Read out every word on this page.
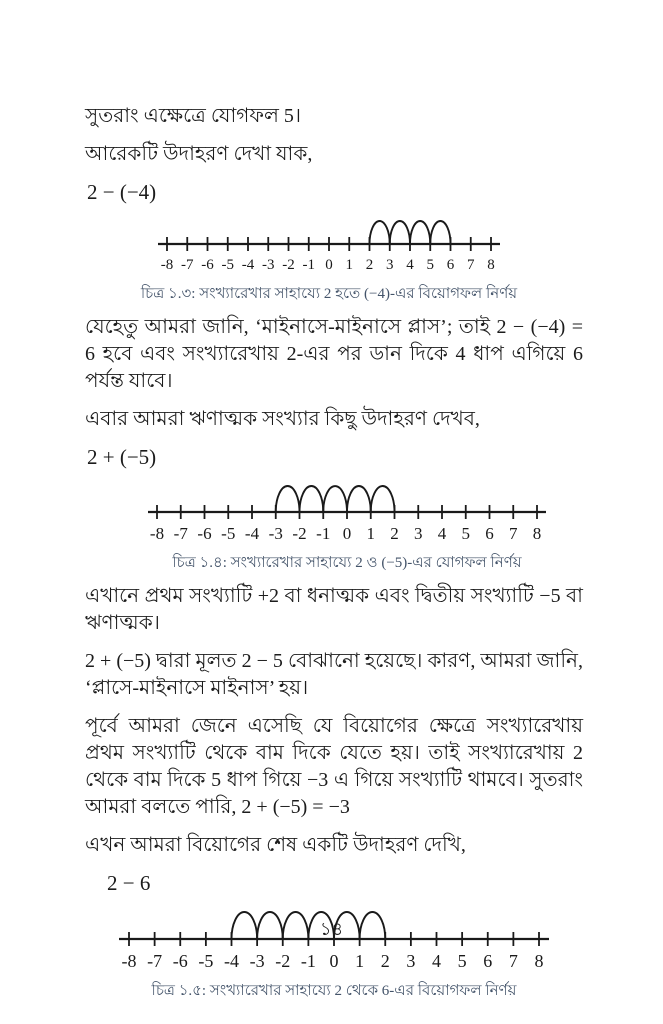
সুতরাং এক্ষেত্রে যোগফল 5।

আরেকটি উদাহরণ দেখা যাক,

2 − (−4)

-8 -7 -6 -5 -4 -3 -2 -1 0 1 2 3 4 5 6 7 8
চিত্র ১.৩: সংখ্যারেখার সাহায্যে 2 হতে (−4)-এর বিয়োগফল নির্ণয়

যেহেতু আমরা জানি, ‘মাইনাসে-মাইনাসে প্লাস’; তাই 2 − (−4) = 6 হবে এবং সংখ্যারেখায় 2-এর পর ডান দিকে 4 ধাপ এগিয়ে 6 পর্যন্ত যাবে।

এবার আমরা ঋণাত্মক সংখ্যার কিছু উদাহরণ দেখব,

2 + (−5)

-8 -7 -6 -5 -4 -3 -2 -1 0 1 2 3 4 5 6 7 8
চিত্র ১.৪: সংখ্যারেখার সাহায্যে 2 ও (−5)-এর যোগফল নির্ণয়

এখানে প্রথম সংখ্যাটি +2 বা ধনাত্মক এবং দ্বিতীয় সংখ্যাটি −5 বা ঋণাত্মক।

2 + (−5) দ্বারা মূলত 2 − 5 বোঝানো হয়েছে। কারণ, আমরা জানি, ‘প্লাসে-মাইনাসে মাইনাস’ হয়।

পূর্বে আমরা জেনে এসেছি যে বিয়োগের ক্ষেত্রে সংখ্যারেখায় প্রথম সংখ্যাটি থেকে বাম দিকে যেতে হয়। তাই সংখ্যারেখায় 2 থেকে বাম দিকে 5 ধাপ গিয়ে −3 এ গিয়ে সংখ্যাটি থামবে। সুতরাং আমরা বলতে পারি, 2 + (−5) = −3

এখন আমরা বিয়োগের শেষ একটি উদাহরণ দেখি,

2 − 6

-8 -7 -6 -5 -4 -3 -2 -1 0 1 2 3 4 5 6 7 8
চিত্র ১.৫: সংখ্যারেখার সাহায্যে 2 থেকে 6-এর বিয়োগফল নির্ণয়
১৪
